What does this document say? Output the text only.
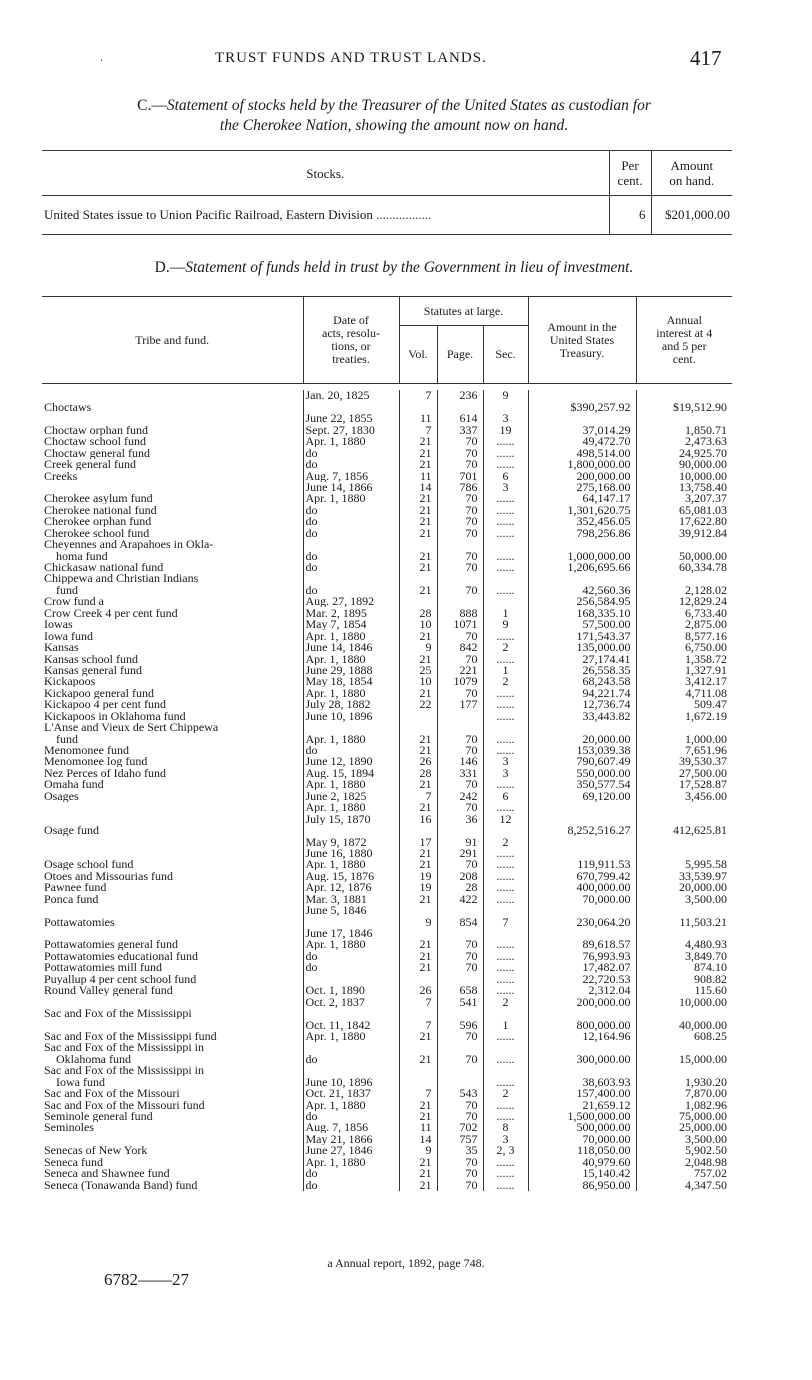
.	TRUST FUNDS AND TRUST LANDS.	417
C.—Statement of stocks held by the Treasurer of the United States as custodian for
the Cherokee Nation, showing the amount now on hand.
Stocks.	Per
cent.	Amount
on hand.
United States issue to Union Pacific Railroad, Eastern Division .................	6	$201,000.00
D.—Statement of funds held in trust by the Government in lieu of investment.
Tribe and fund.	Date of
acts, resolu-
tions, or
treaties.	Statutes at large.			Amount in the
United States
Treasury.	Annual
interest at 4
and 5 per
cent.
		Vol.	Page.	Sec.		

	Jan. 20, 1825	7	236	9		
Choctaws					$390,257.92	$19,512.90
	June 22, 1855	11	614	3		
Choctaw orphan fund	Sept. 27, 1830	7	337	19	37,014.29	1,850.71
Choctaw school fund	Apr. 1, 1880	21	70	......	49,472.70	2,473.63
Choctaw general fund	do	21	70	......	498,514.00	24,925.70
Creek general fund	do	21	70	......	1,800,000.00	90,000.00
Creeks	Aug. 7, 1856	11	701	6	200,000.00	10,000.00
	June 14, 1866	14	786	3	275,168.00	13,758.40
Cherokee asylum fund	Apr. 1, 1880	21	70	......	64,147.17	3,207.37
Cherokee national fund	do	21	70	......	1,301,620.75	65,081.03
Cherokee orphan fund	do	21	70	......	352,456.05	17,622.80
Cherokee school fund	do	21	70	......	798,256.86	39,912.84
Cheyennes and Arapahoes in Okla-						
homa fund	do	21	70	......	1,000,000.00	50,000.00
Chickasaw national fund	do	21	70	......	1,206,695.66	60,334.78
Chippewa and Christian Indians						
fund	do	21	70	......	42,560.36	2,128.02
Crow fund a	Aug. 27, 1892				256,584.95	12,829.24
Crow Creek 4 per cent fund	Mar. 2, 1895	28	888	1	168,335.10	6,733.40
Iowas	May 7, 1854	10	1071	9	57,500.00	2,875.00
Iowa fund	Apr. 1, 1880	21	70	......	171,543.37	8,577.16
Kansas	June 14, 1846	9	842	2	135,000.00	6,750.00
Kansas school fund	Apr. 1, 1880	21	70	......	27,174.41	1,358.72
Kansas general fund	June 29, 1888	25	221	1	26,558.35	1,327.91
Kickapoos	May 18, 1854	10	1079	2	68,243.58	3,412.17
Kickapoo general fund	Apr. 1, 1880	21	70	......	94,221.74	4,711.08
Kickapoo 4 per cent fund	July 28, 1882	22	177	......	12,736.74	509.47
Kickapoos in Oklahoma fund	June 10, 1896			......	33,443.82	1,672.19
L'Anse and Vieux de Sert Chippewa						
fund	Apr. 1, 1880	21	70	......	20,000.00	1,000.00
Menomonee fund	do	21	70	......	153,039.38	7,651.96
Menomonee log fund	June 12, 1890	26	146	3	790,607.49	39,530.37
Nez Perces of Idaho fund	Aug. 15, 1894	28	331	3	550,000.00	27,500.00
Omaha fund	Apr. 1, 1880	21	70	......	350,577.54	17,528.87
Osages	June 2, 1825	7	242	6	69,120.00	3,456.00
	Apr. 1, 1880	21	70	......		
	July 15, 1870	16	36	12		
Osage fund					8,252,516.27	412,625.81
	May 9, 1872	17	91	2		
	June 16, 1880	21	291	......		
Osage school fund	Apr. 1, 1880	21	70	......	119,911.53	5,995.58
Otoes and Missourias fund	Aug. 15, 1876	19	208	......	670,799.42	33,539.97
Pawnee fund	Apr. 12, 1876	19	28	......	400,000.00	20,000.00
Ponca fund	Mar. 3, 1881	21	422	......	70,000.00	3,500.00
	June 5, 1846					
Pottawatomies		9	854	7	230,064.20	11,503.21
	June 17, 1846					
Pottawatomies general fund	Apr. 1, 1880	21	70	......	89,618.57	4,480.93
Pottawatomies educational fund	do	21	70	......	76,993.93	3,849.70
Pottawatomies mill fund	do	21	70	......	17,482.07	874.10
Puyallup 4 per cent school fund				......	22,720.53	908.82
Round Valley general fund	Oct. 1, 1890	26	658	......	2,312.04	115.60
	Oct. 2, 1837	7	541	2	200,000.00	10,000.00
Sac and Fox of the Mississippi						
	Oct. 11, 1842	7	596	1	800,000.00	40,000.00
Sac and Fox of the Mississippi fund	Apr. 1, 1880	21	70	......	12,164.96	608.25
Sac and Fox of the Mississippi in						
Oklahoma fund	do	21	70	......	300,000.00	15,000.00
Sac and Fox of the Mississippi in						
Iowa fund	June 10, 1896			......	38,603.93	1,930.20
Sac and Fox of the Missouri	Oct. 21, 1837	7	543	2	157,400.00	7,870.00
Sac and Fox of the Missouri fund	Apr. 1, 1880	21	70	......	21,659.12	1,082.96
Seminole general fund	do	21	70	......	1,500,000.00	75,000.00
Seminoles	Aug. 7, 1856	11	702	8	500,000.00	25,000.00
	May 21, 1866	14	757	3	70,000.00	3,500.00
Senecas of New York	June 27, 1846	9	35	2, 3	118,050.00	5,902.50
Seneca fund	Apr. 1, 1880	21	70	......	40,979.60	2,048.98
Seneca and Shawnee fund	do	21	70	......	15,140.42	757.02
Seneca (Tonawanda Band) fund	do	21	70	......	86,950.00	4,347.50
a Annual report, 1892, page 748.
6782——27
